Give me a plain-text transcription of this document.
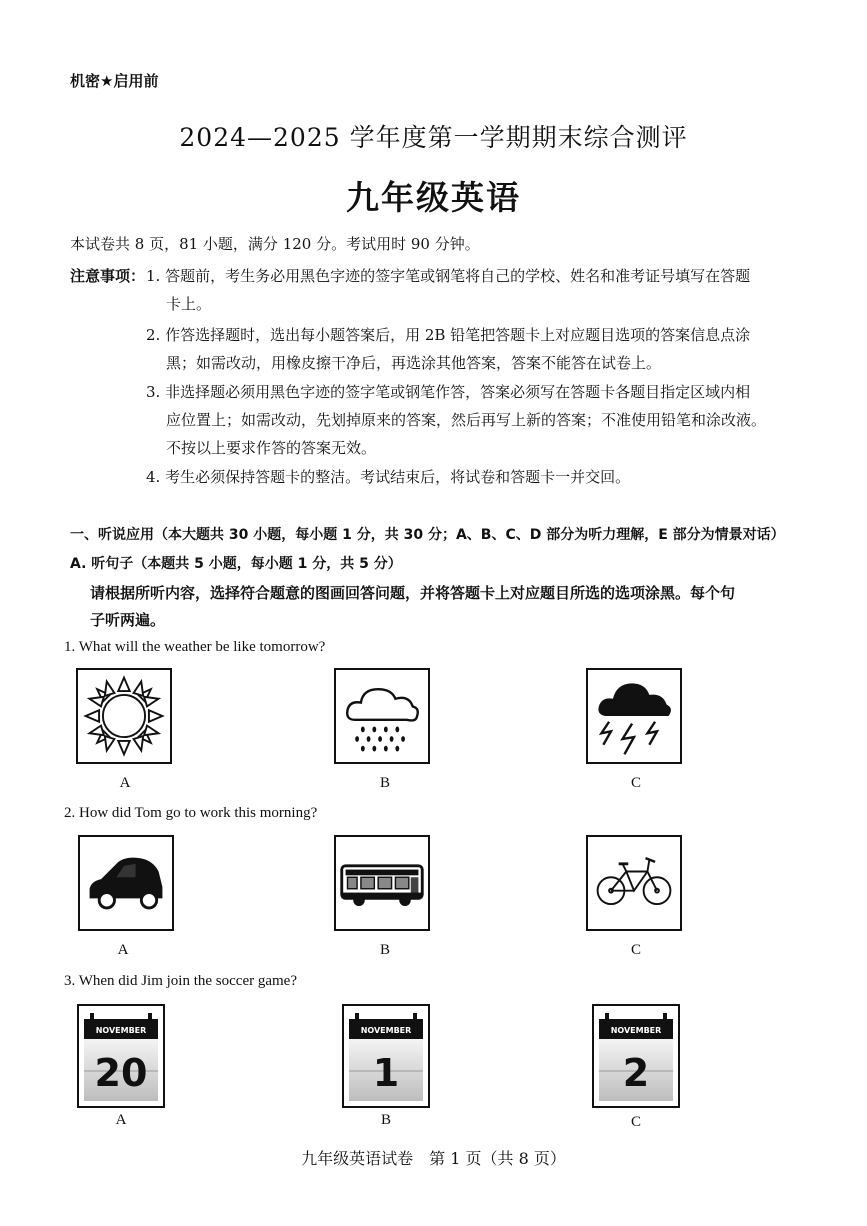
机密★启用前
2024—2025 学年度第一学期期末综合测评
九年级英语
本试卷共 8 页，81 小题，满分 120 分。考试用时 90 分钟。
注意事项： 1. 答题前，考生务必用黑色字迹的签字笔或钢笔将自己的学校、姓名和准考证号填写在答题
卡上。
2. 作答选择题时，选出每小题答案后，用 2B 铅笔把答题卡上对应题目选项的答案信息点涂
黑；如需改动，用橡皮擦干净后，再选涂其他答案，答案不能答在试卷上。
3. 非选择题必须用黑色字迹的签字笔或钢笔作答，答案必须写在答题卡各题目指定区域内相
应位置上；如需改动，先划掉原来的答案，然后再写上新的答案；不准使用铅笔和涂改液。
不按以上要求作答的答案无效。
4. 考生必须保持答题卡的整洁。考试结束后，将试卷和答题卡一并交回。
一、听说应用（本大题共 30 小题，每小题 1 分，共 30 分；A、B、C、D 部分为听力理解，E 部分为情景对话）
A. 听句子（本题共 5 小题，每小题 1 分，共 5 分）
请根据所听内容，选择符合题意的图画回答问题，并将答题卡上对应题目所选的选项涂黑。每个句
子听两遍。
1. What will the weather be like tomorrow?
A	B	C
2. How did Tom go to work this morning?
A	B	C
3. When did Jim join the soccer game?
NOVEMBER
20
A
NOVEMBER
1
B
NOVEMBER
2
C
九年级英语试卷　第 1 页（共 8 页）
